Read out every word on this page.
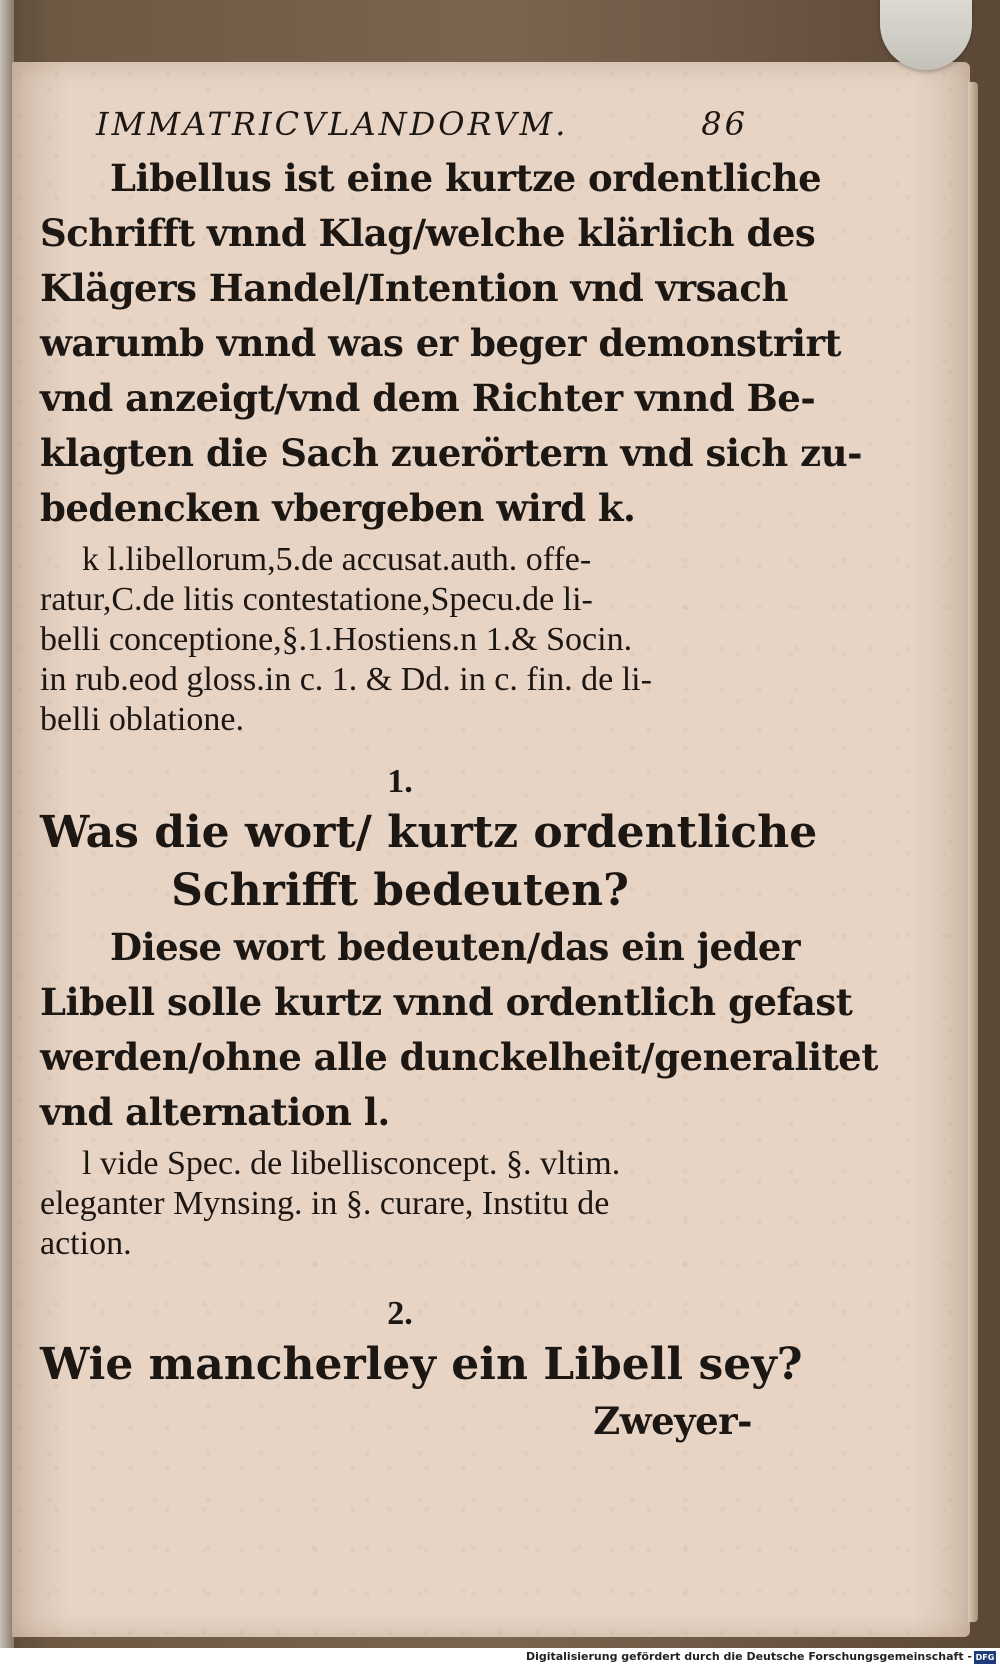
IMMATRICVLANDORVM.	86
Libellus ist eine kurtze ordentliche
Schrifft vnnd Klag/welche klärlich des
Klägers Handel/Intention vnd vrsach
warumb vnnd was er beger demonstrirt
vnd anzeigt/vnd dem Richter vnnd Be-
klagten die Sach zuerörtern vnd sich zu-
bedencken vbergeben wird k.
k l.libellorum,5.de accusat.auth. offe-
ratur,C.de litis contestatione,Specu.de li-
belli conceptione,§.1.Hostiens.n 1.& Socin.
in rub.eod gloss.in c. 1. & Dd. in c. fin. de li-
belli oblatione.
1.
Was die wort/ kurtz ordentliche
Schrifft bedeuten?
Diese wort bedeuten/das ein jeder
Libell solle kurtz vnnd ordentlich gefast
werden/ohne alle dunckelheit/generalitet
vnd alternation l.
l vide Spec. de libellisconcept. §. vltim.
eleganter Mynsing. in §. curare, Institu de
action.
2.
Wie mancherley ein Libell sey?
Zweyer-
Digitalisierung gefördert durch die Deutsche Forschungsgemeinschaft - DFG
